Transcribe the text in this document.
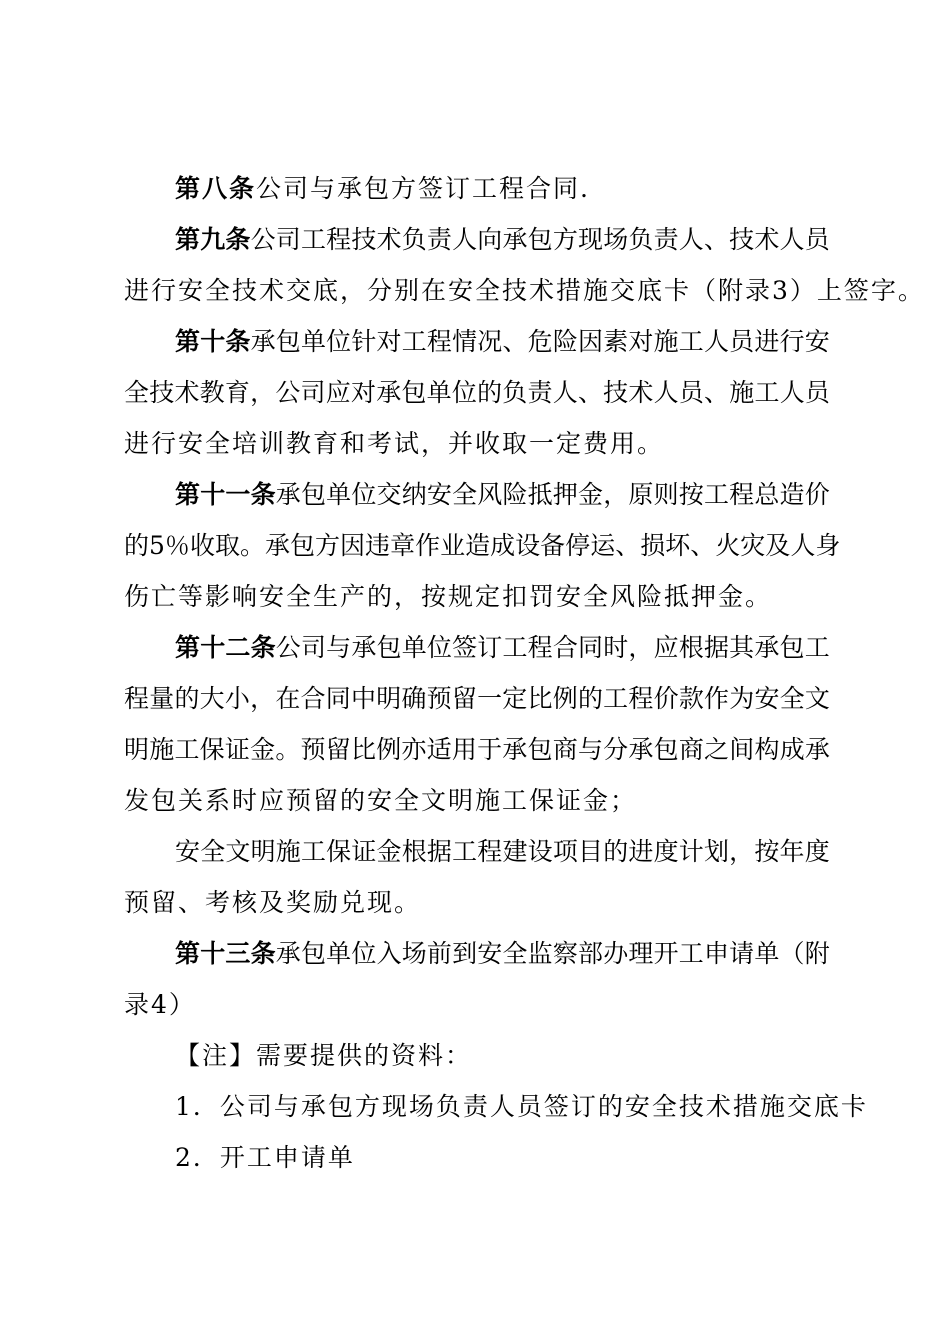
第八条 公司与承包方签订工程合同.
第 九 条 公 司 工 程 技 术 负 责 人 向 承 包 方 现 场 负 责 人 、 技 术 人 员
进行安全技术交底，分别在安全技术措施交底卡（附录3）上签字。
第 十 条 承 包 单 位 针 对 工 程 情 况 、 危 险 因 素 对 施 工 人 员 进 行 安
全 技 术 教 育 ， 公 司 应 对 承 包 单 位 的 负 责 人 、 技 术 人 员 、 施 工 人 员
进行安全培训教育和考试，并收取一定费用。
第 十 一 条 承 包 单 位 交 纳 安 全 风 险 抵 押 金 ， 原 则 按 工 程 总 造 价
的 5 ％ 收 取 。 承 包 方 因 违 章 作 业 造 成 设 备 停 运 、 损 坏 、 火 灾 及 人 身
伤亡等影响安全生产的，按规定扣罚安全风险抵押金。
第 十 二 条 公 司 与 承 包 单 位 签 订 工 程 合 同 时 ， 应 根 据 其 承 包 工
程 量 的 大 小 ， 在 合 同 中 明 确 预 留 一 定 比 例 的 工 程 价 款 作 为 安 全 文
明 施 工 保 证 金 。 预 留 比 例 亦 适 用 于 承 包 商 与 分 承 包 商 之 间 构 成 承
发包关系时应预留的安全文明施工保证金；
安 全 文 明 施 工 保 证 金 根 据 工 程 建 设 项 目 的 进 度 计 划 ， 按 年 度
预留、考核及奖励兑现。
第 十 三 条 承 包 单 位 入 场 前 到 安 全 监 察 部 办 理 开 工 申 请 单 （ 附
录4）
【注】需要提供的资料：
1．公司与承包方现场负责人员签订的安全技术措施交底卡
2．开工申请单
